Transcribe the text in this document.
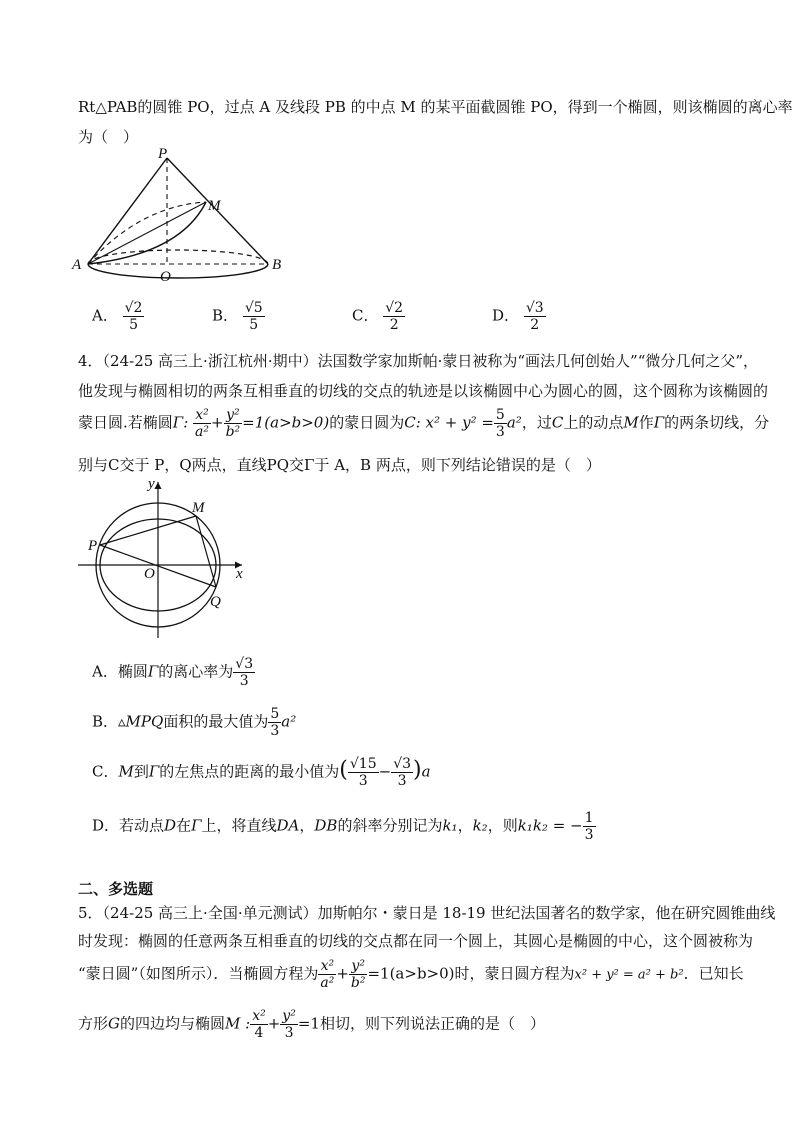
Rt△PAB的圆锥 PO，过点 A 及线段 PB 的中点 M 的某平面截圆锥 PO，得到一个椭圆，则该椭圆的离心率
为（　）
P
M
A
O
B
A． $\frac{√2}{5}$	B． $\frac{√5}{5}$	C． $\frac{√2}{2}$	D． $\frac{√3}{2}$
4．（24-25 高三上·浙江杭州·期中）法国数学家加斯帕·蒙日被称为“画法几何创始人”“微分几何之父”，
他发现与椭圆相切的两条互相垂直的切线的交点的轨迹是以该椭圆中心为圆心的圆，这个圆称为该椭圆的
蒙日圆.若椭圆Γ: $\frac{\text{x²}}{\text{a²}} + \frac{\text{y²}}{\text{b²}} =1(a>b>0)$的蒙日圆为C: $x^2 + y^2 = \frac{5}{3} a^2$，过C上的动点M作Γ的两条切线，分
别与C交于 P，Q两点，直线PQ交Γ于 A，B 两点，则下列结论错误的是（　）
y
M
P
O	x
Q
A．椭圆Γ的离心率为 $\frac{√3}{3}$
B．▵MPQ面积的最大值为 $\frac{5}{3} a^2$
C．M到Γ的左焦点的距离的最小值为( $\frac{√15}{3} - \frac{√3}{3} )a$
D．若动点D在Γ上，将直线DA，DB的斜率分别记为k₁，k₂，则k₁k₂ = − $\frac{1}{3}$
二、多选题
5．（24-25 高三上·全国·单元测试）加斯帕尔・蒙日是 18-19 世纪法国著名的数学家，他在研究圆锥曲线
时发现：椭圆的任意两条互相垂直的切线的交点都在同一个圆上，其圆心是椭圆的中心，这个圆被称为
“蒙日圆”（如图所示）．当椭圆方程为 $\frac{\text{x²}}{\text{a²}} + \frac{\text{y²}}{\text{b²}} =1(a>b>0)$时，蒙日圆方程为x² + y² = a² + b²．已知长
方形G的四边均与椭圆M : $\frac{\text{x²}}{4} + \frac{\text{y²}}{3} =1$相切，则下列说法正确的是（　）
